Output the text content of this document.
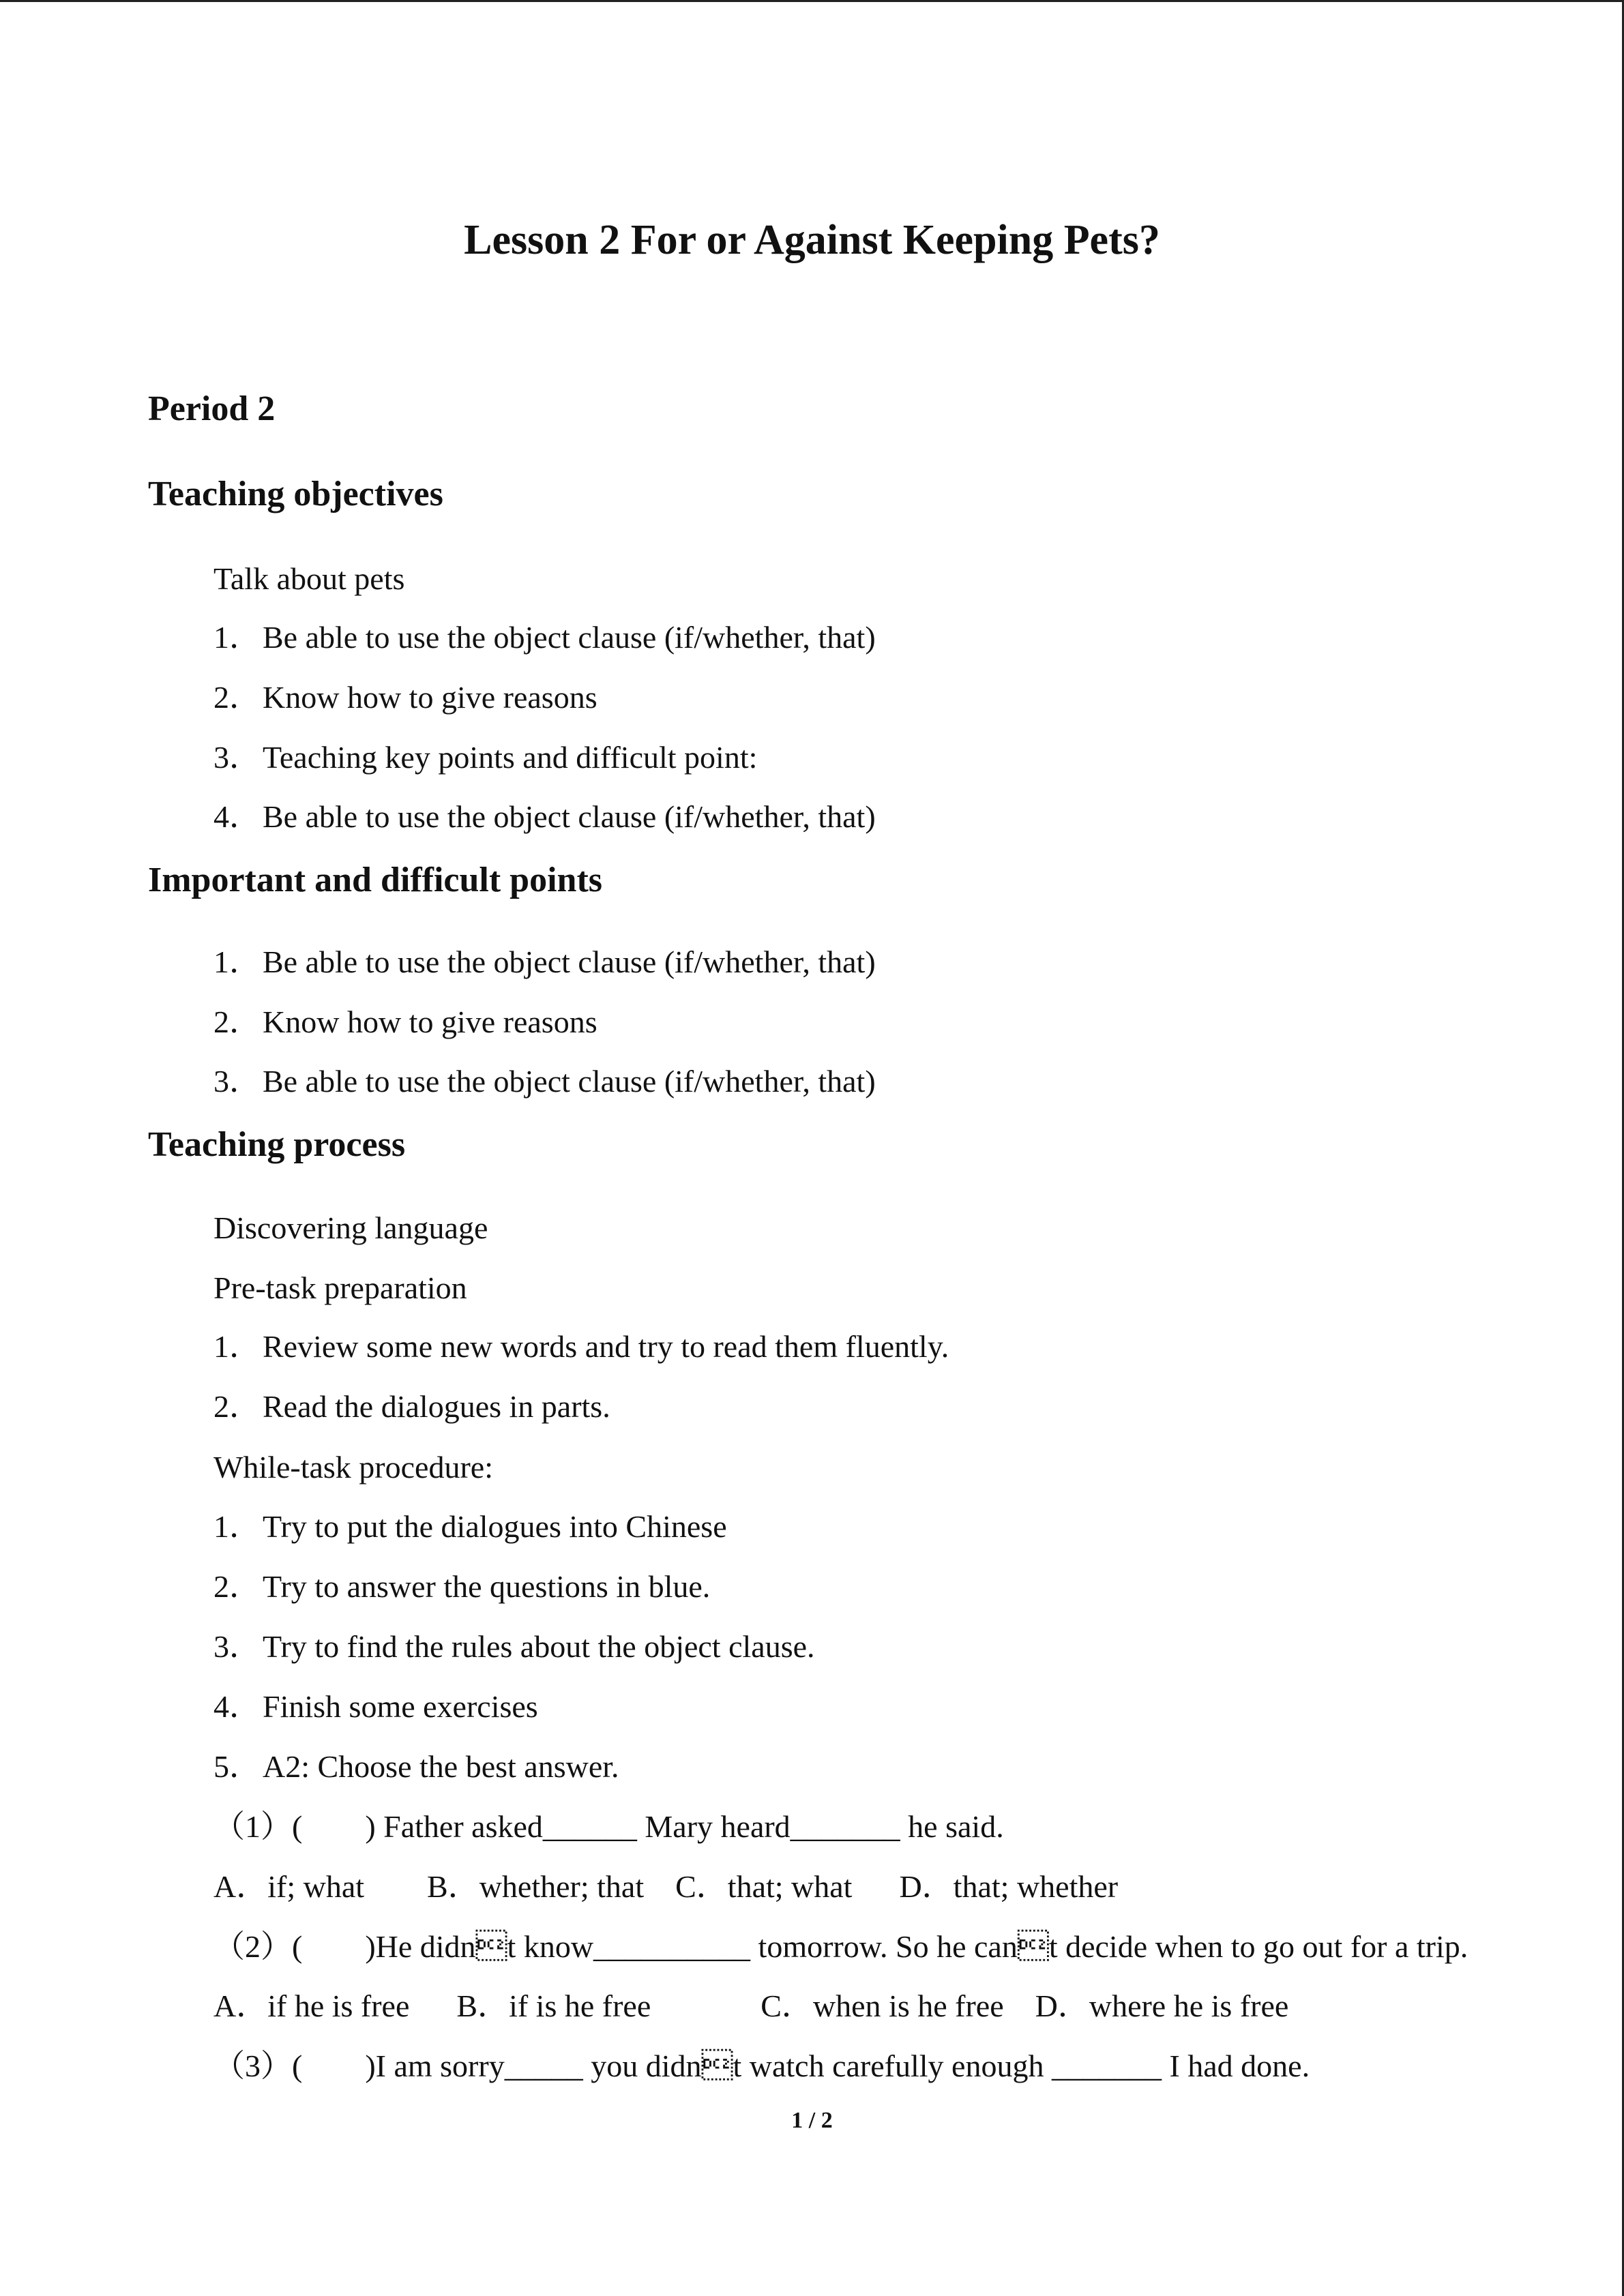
Lesson 2 For or Against Keeping Pets?
Period 2
Teaching objectives
Talk about pets
1．Be able to use the object clause (if/whether, that)
2．Know how to give reasons
3．Teaching key points and difficult point:
4．Be able to use the object clause (if/whether, that)
Important and difficult points
1．Be able to use the object clause (if/whether, that)
2．Know how to give reasons
3．Be able to use the object clause (if/whether, that)
Teaching process
Discovering language
Pre-task preparation
1．Review some new words and try to read them fluently.
2．Read the dialogues in parts.
While-task procedure:
1．Try to put the dialogues into Chinese
2．Try to answer the questions in blue.
3．Try to find the rules about the object clause.
4．Finish some exercises
5．A2: Choose the best answer.
（1）(        ) Father asked______ Mary heard_______ he said.
A．if; what        B．whether; that    C．that; what      D．that; whether
（2）(        )He didnt know__________ tomorrow. So he cant decide when to go out for a trip.
A．if he is free      B．if is he free              C．when is he free    D．where he is free
（3）(        )I am sorry_____ you didnt watch carefully enough _______ I had done.
1 / 2
